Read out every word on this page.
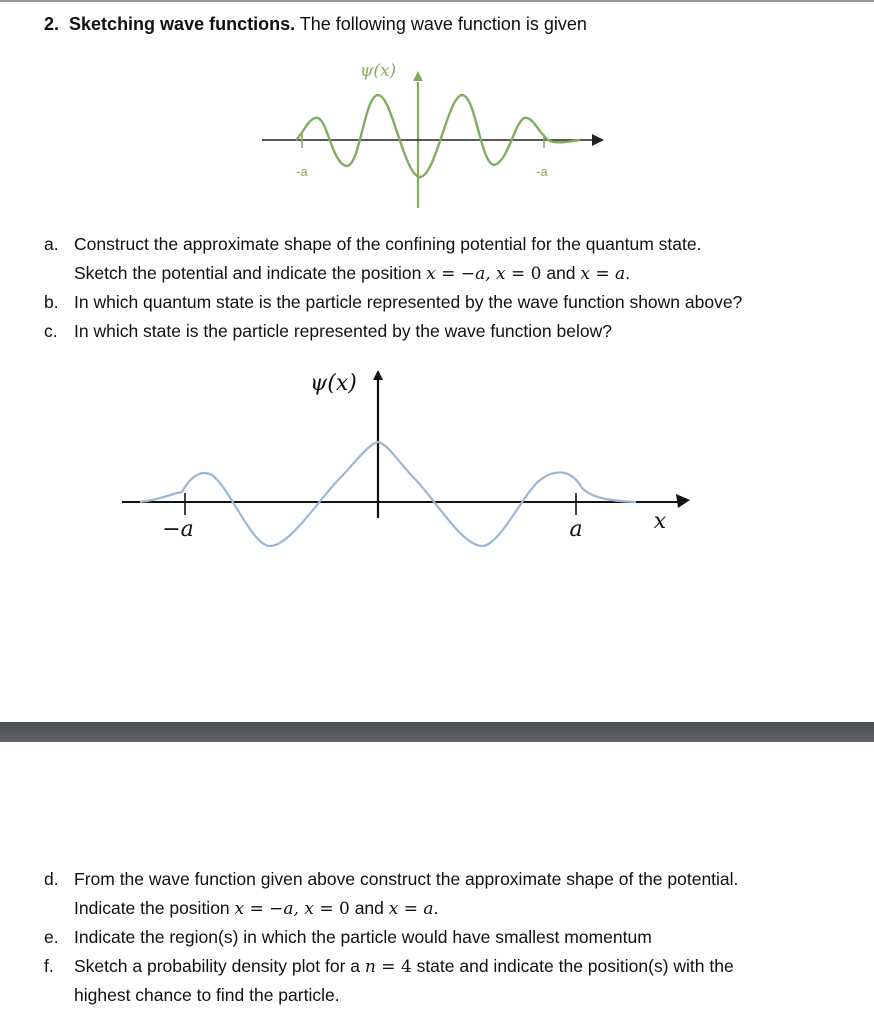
2. Sketching wave functions. The following wave function is given
ψ(x)
-a	-a
a. Construct the approximate shape of the confining potential for the quantum state.
Sketch the potential and indicate the position x = −a, x = 0 and x = a.
b. In which quantum state is the particle represented by the wave function shown above?
c. In which state is the particle represented by the wave function below?
ψ(x)
−a	a	x
d. From the wave function given above construct the approximate shape of the potential.
Indicate the position x = −a, x = 0 and x = a.
e. Indicate the region(s) in which the particle would have smallest momentum
f.	Sketch a probability density plot for a n = 4 state and indicate the position(s) with the
highest chance to find the particle.
